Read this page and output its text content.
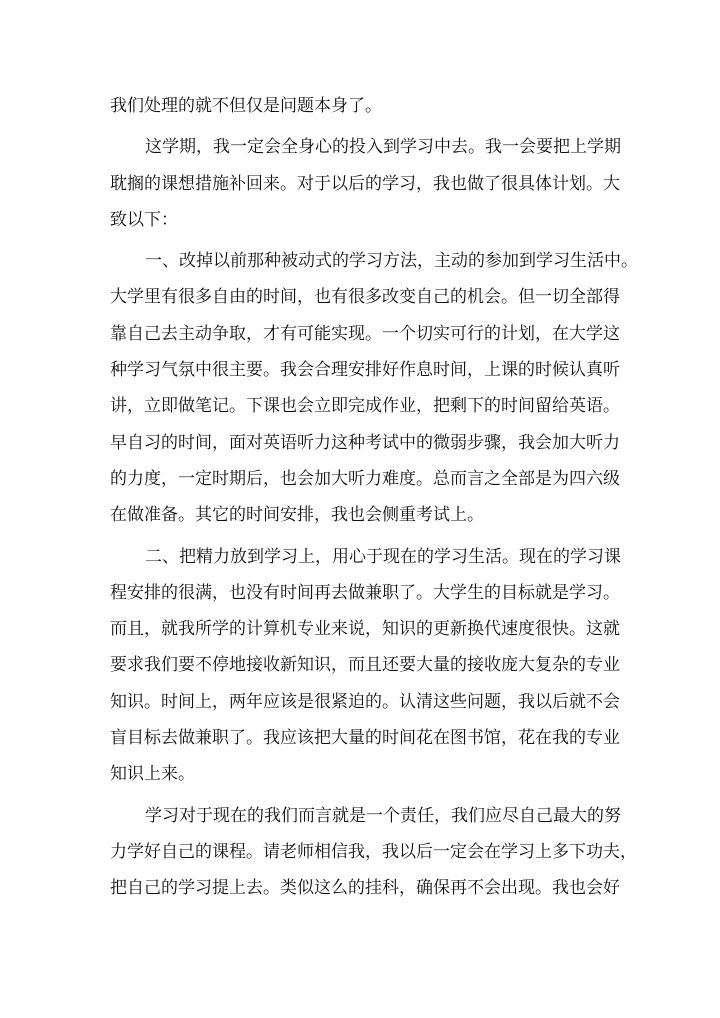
我们处理的就不但仅是问题本身了。
这学期，我一定会全身心的投入到学习中去。我一会要把上学期
耽搁的课想措施补回来。对于以后的学习，我也做了很具体计划。大
致以下：
一、改掉以前那种被动式的学习方法，主动的参加到学习生活中。
大学里有很多自由的时间，也有很多改变自己的机会。但一切全部得
靠自己去主动争取，才有可能实现。一个切实可行的计划，在大学这
种学习气氛中很主要。我会合理安排好作息时间，上课的时候认真听
讲，立即做笔记。下课也会立即完成作业，把剩下的时间留给英语。
早自习的时间，面对英语听力这种考试中的微弱步骤，我会加大听力
的力度，一定时期后，也会加大听力难度。总而言之全部是为四六级
在做准备。其它的时间安排，我也会侧重考试上。
二、把精力放到学习上，用心于现在的学习生活。现在的学习课
程安排的很满，也没有时间再去做兼职了。大学生的目标就是学习。
而且，就我所学的计算机专业来说，知识的更新换代速度很快。这就
要求我们要不停地接收新知识，而且还要大量的接收庞大复杂的专业
知识。时间上，两年应该是很紧迫的。认清这些问题，我以后就不会
盲目标去做兼职了。我应该把大量的时间花在图书馆，花在我的专业
知识上来。
学习对于现在的我们而言就是一个责任，我们应尽自己最大的努
力学好自己的课程。请老师相信我，我以后一定会在学习上多下功夫，
把自己的学习提上去。类似这么的挂科，确保再不会出现。我也会好
